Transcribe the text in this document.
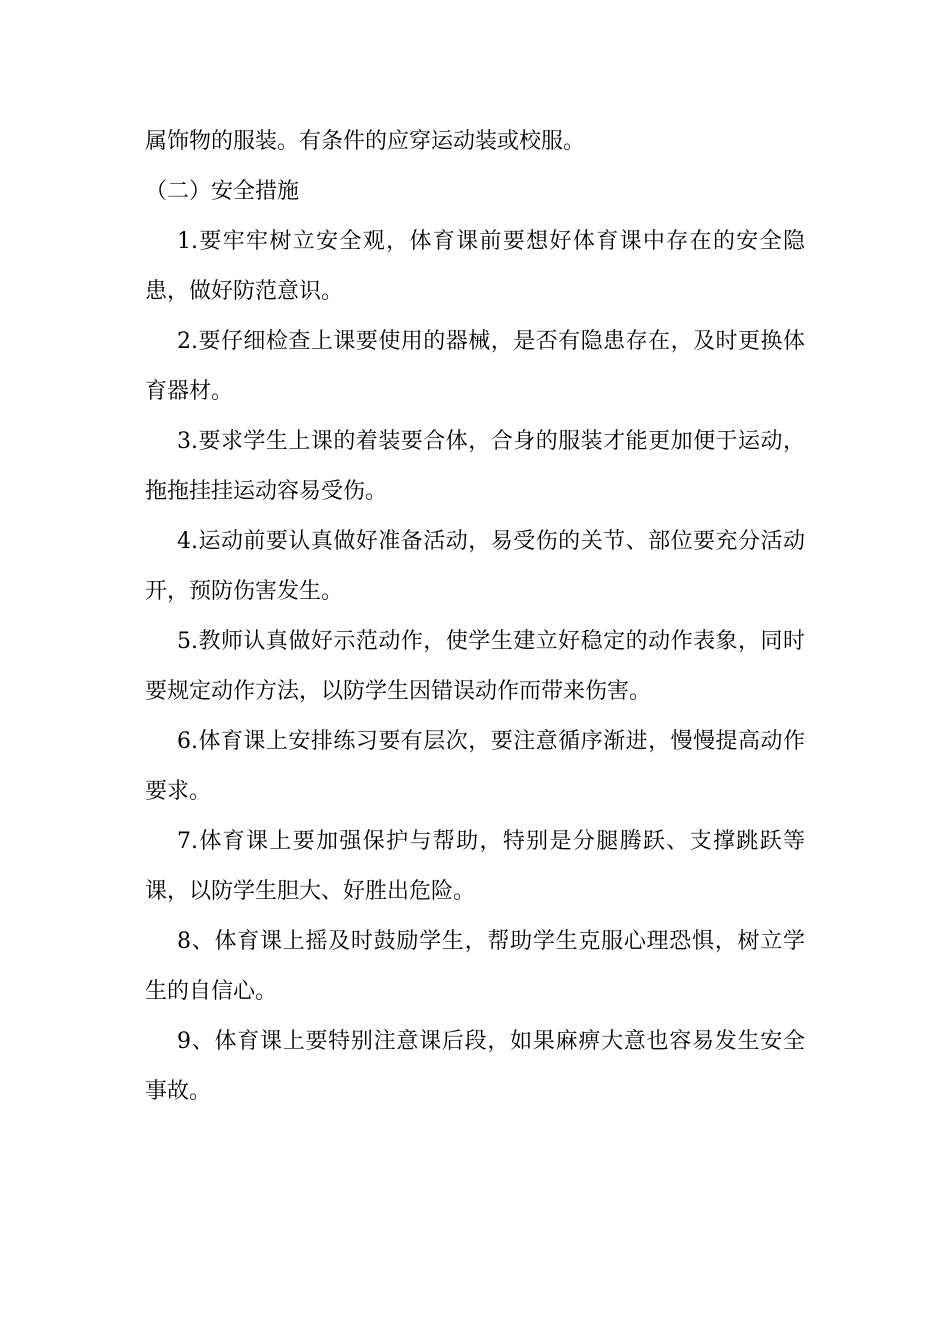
属饰物的服装。有条件的应穿运动装或校服。
（二）安全措施
1.要牢牢树立安全观，体育课前要想好体育课中存在的安全隐
患，做好防范意识。
2.要仔细检查上课要使用的器械，是否有隐患存在，及时更换体
育器材。
3.要求学生上课的着装要合体，合身的服装才能更加便于运动，
拖拖挂挂运动容易受伤。
4.运动前要认真做好准备活动，易受伤的关节、部位要充分活动
开，预防伤害发生。
5.教师认真做好示范动作，使学生建立好稳定的动作表象，同时
要规定动作方法，以防学生因错误动作而带来伤害。
6.体育课上安排练习要有层次，要注意循序渐进，慢慢提高动作
要求。
7.体育课上要加强保护与帮助，特别是分腿腾跃、支撑跳跃等
课，以防学生胆大、好胜出危险。
8、体育课上摇及时鼓励学生，帮助学生克服心理恐惧，树立学
生的自信心。
9、体育课上要特别注意课后段，如果麻痹大意也容易发生安全
事故。
